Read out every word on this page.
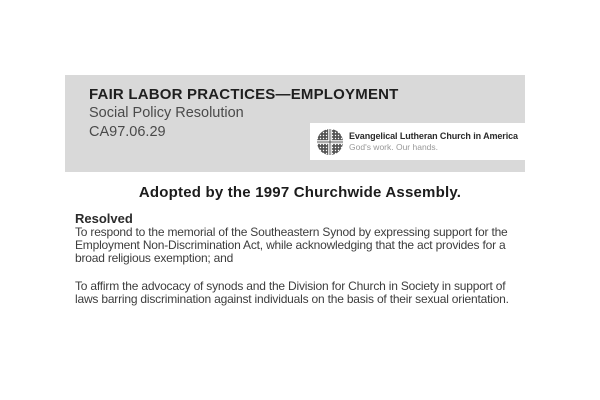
FAIR LABOR PRACTICES—EMPLOYMENT
Social Policy Resolution
CA97.06.29	Evangelical Lutheran Church in America
God's work. Our hands.
Adopted by the 1997 Churchwide Assembly.
Resolved
To respond to the memorial of the Southeastern Synod by expressing support for the
Employment Non-Discrimination Act, while acknowledging that the act provides for a
broad religious exemption; and
To affirm the advocacy of synods and the Division for Church in Society in support of
laws barring discrimination against individuals on the basis of their sexual orientation.
